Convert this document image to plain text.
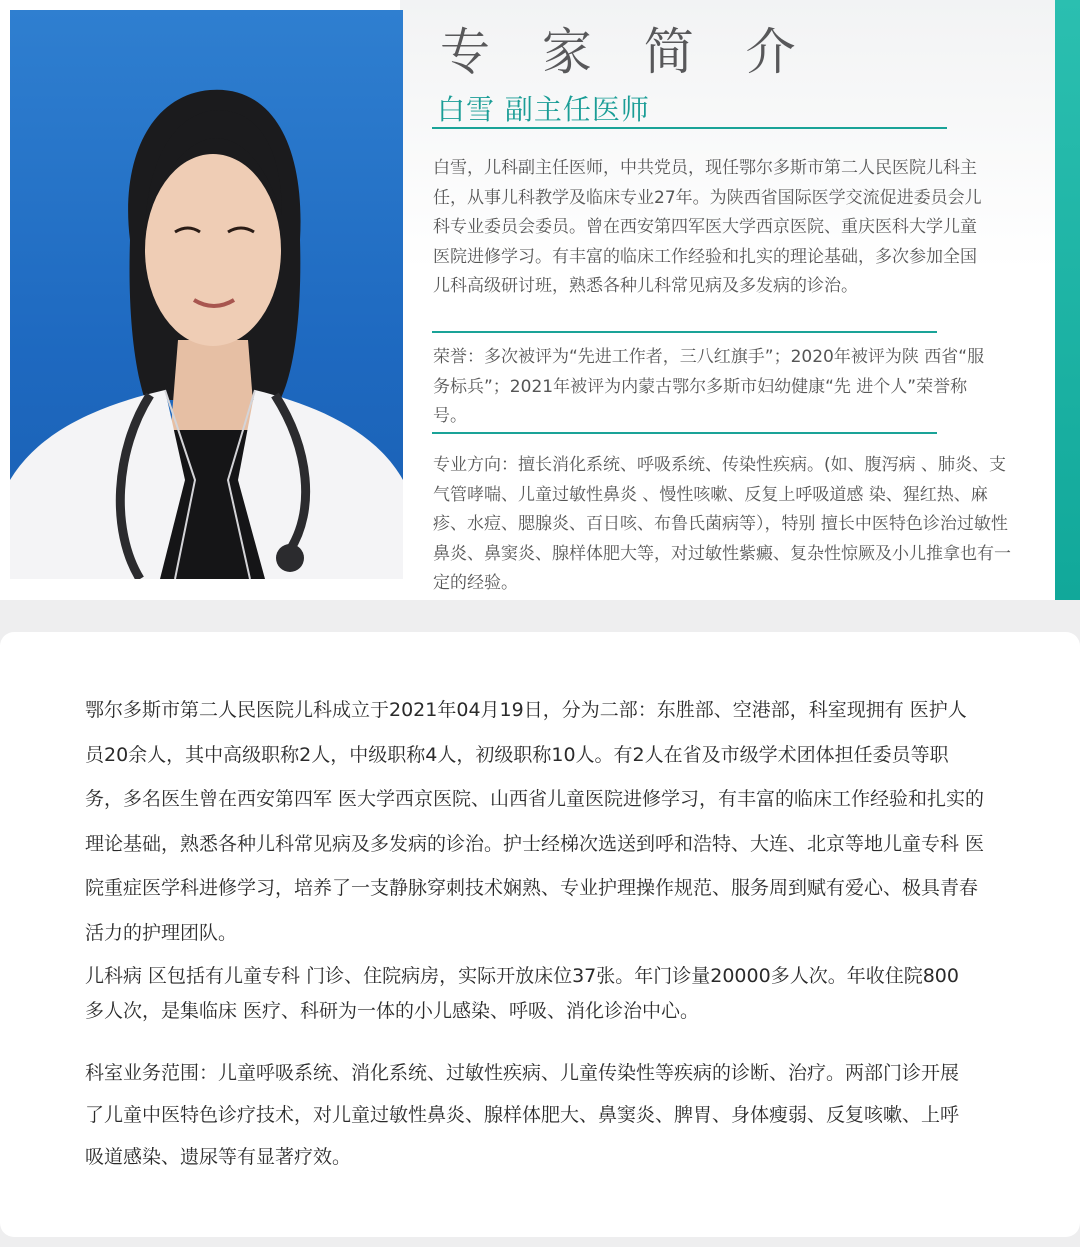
专 家 简 介
白雪 副主任医师

白雪，儿科副主任医师，中共党员，现任鄂尔多斯市第二人民医院儿科主任，从事儿科教学及临床专业27年。为陕西省国际医学交流促进委员会儿科专业委员会委员。曾在西安第四军医大学西京医院、重庆医科大学儿童医院进修学习。有丰富的临床工作经验和扎实的理论基础，多次参加全国儿科高级研讨班，熟悉各种儿科常见病及多发病的诊治。

荣誉：多次被评为“先进工作者，三八红旗手”；2020年被评为陕 西省“服务标兵”；2021年被评为内蒙古鄂尔多斯市妇幼健康“先 进个人”荣誉称号。

专业方向：擅长消化系统、呼吸系统、传染性疾病。(如、腹泻病 、肺炎、支气管哮喘、儿童过敏性鼻炎 、慢性咳嗽、反复上呼吸道感 染、猩红热、麻疹、水痘、腮腺炎、百日咳、布鲁氏菌病等），特别 擅长中医特色诊治过敏性鼻炎、鼻窦炎、腺样体肥大等，对过敏性紫癜、复杂性惊厥及小儿推拿也有一定的经验。

鄂尔多斯市第二人民医院儿科成立于2021年04月19日，分为二部：东胜部、空港部，科室现拥有 医护人员20余人，其中高级职称2人，中级职称4人，初级职称10人。有2人在省及市级学术团体担任委员等职务，多名医生曾在西安第四军 医大学西京医院、山西省儿童医院进修学习，有丰富的临床工作经验和扎实的理论基础，熟悉各种儿科常见病及多发病的诊治。护士经梯次选送到呼和浩特、大连、北京等地儿童专科 医院重症医学科进修学习，培养了一支静脉穿刺技术娴熟、专业护理操作规范、服务周到赋有爱心、极具青春活力的护理团队。

儿科病 区包括有儿童专科 门诊、住院病房，实际开放床位37张。年门诊量20000多人次。年收住院800多人次，是集临床 医疗、科研为一体的小儿感染、呼吸、消化诊治中心。

科室业务范围：儿童呼吸系统、消化系统、过敏性疾病、儿童传染性等疾病的诊断、治疗。两部门诊开展了儿童中医特色诊疗技术，对儿童过敏性鼻炎、腺样体肥大、鼻窦炎、脾胃、身体瘦弱、反复咳嗽、上呼吸道感染、遗尿等有显著疗效。
